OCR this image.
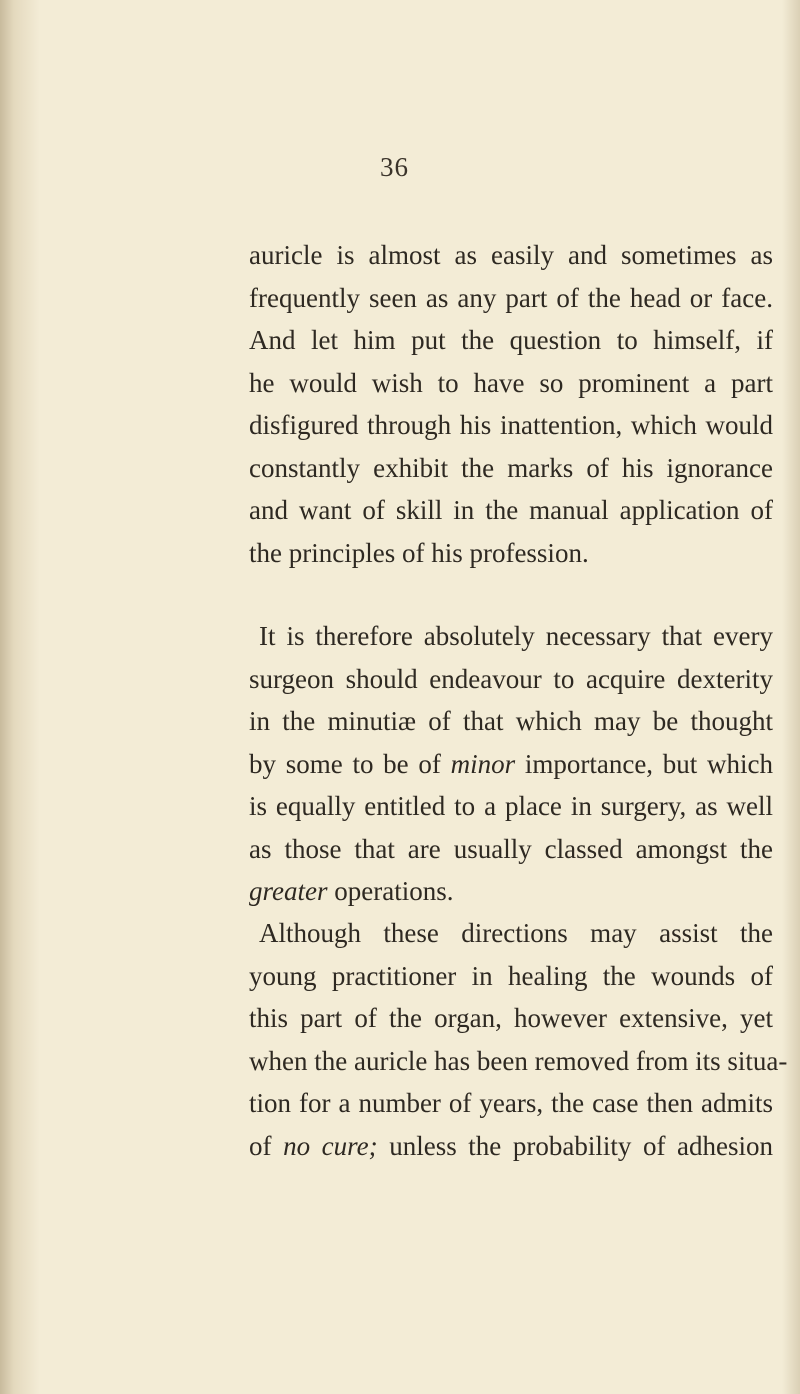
36
auricle is almost as easily and sometimes as
frequently seen as any part of the head or face.
And let him put the question to himself, if
he would wish to have so prominent a part
disfigured through his inattention, which would
constantly exhibit the marks of his ignorance
and want of skill in the manual application of
the principles of his profession.
It is therefore absolutely necessary that every
surgeon should endeavour to acquire dexterity
in the minutiæ of that which may be thought
by some to be of minor importance, but which
is equally entitled to a place in surgery, as well
as those that are usually classed amongst the
greater operations.
Although these directions may assist the
young practitioner in healing the wounds of
this part of the organ, however extensive, yet
when the auricle has been removed from its situa-
tion for a number of years, the case then admits
of no cure; unless the probability of adhesion
